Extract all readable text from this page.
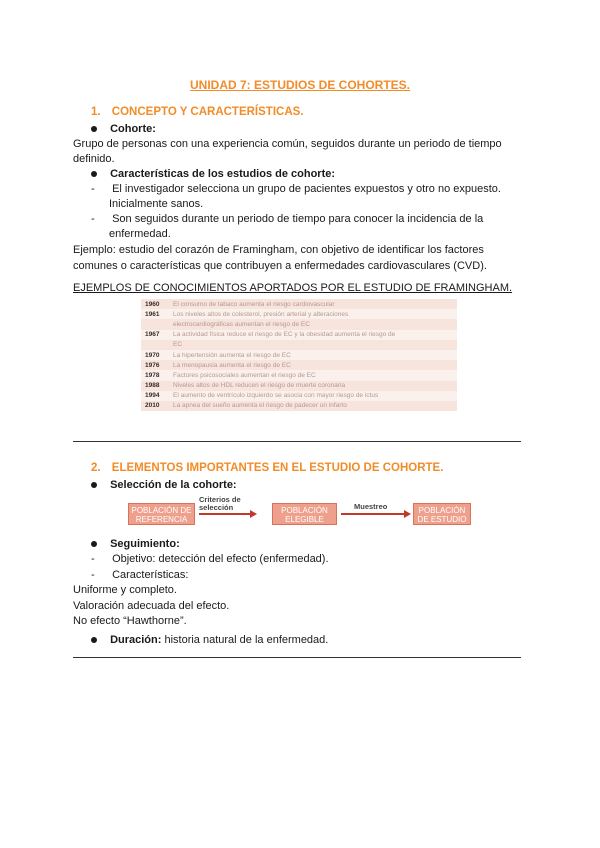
UNIDAD 7: ESTUDIOS DE COHORTES.
1. CONCEPTO Y CARACTERÍSTICAS.
Cohorte:
Grupo de personas con una experiencia común, seguidos durante un periodo de tiempo
definido.
Características de los estudios de cohorte:
- El investigador selecciona un grupo de pacientes expuestos y otro no expuesto.
Inicialmente sanos.
- Son seguidos durante un periodo de tiempo para conocer la incidencia de la
enfermedad.
Ejemplo: estudio del corazón de Framingham, con objetivo de identificar los factores
comunes o características que contribuyen a enfermedades cardiovasculares (CVD).
EJEMPLOS DE CONOCIMIENTOS APORTADOS POR EL ESTUDIO DE FRAMINGHAM.
1960	El consumo de tabaco aumenta el riesgo cardiovascular
1961	Los niveles altos de colesterol, presión arterial y alteraciones
	electrocardiográficas aumentan el riesgo de EC
1967	La actividad física reduce el riesgo de EC y la obesidad aumenta el riesgo de
	EC
1970	La hipertensión aumenta el riesgo de EC
1976	La menopausia aumenta el riesgo de EC
1978	Factores psicosociales aumentan el riesgo de EC
1988	Niveles altos de HDL reducen el riesgo de muerte coronaria
1994	El aumento de ventrículo izquierdo se asocia con mayor riesgo de ictus
2010	La apnea del sueño aumenta el riesgo de padecer un infarto
2. ELEMENTOS IMPORTANTES EN EL ESTUDIO DE COHORTE.
Selección de la cohorte:
POBLACIÓN DE REFERENCIA
Criterios de selección	POBLACIÓN ELEGIBLE
Muestreo	POBLACIÓN DE ESTUDIO
Seguimiento:
- Objetivo: detección del efecto (enfermedad).
- Características:
Uniforme y completo.
Valoración adecuada del efecto.
No efecto “Hawthorne”.
Duración: historia natural de la enfermedad.
